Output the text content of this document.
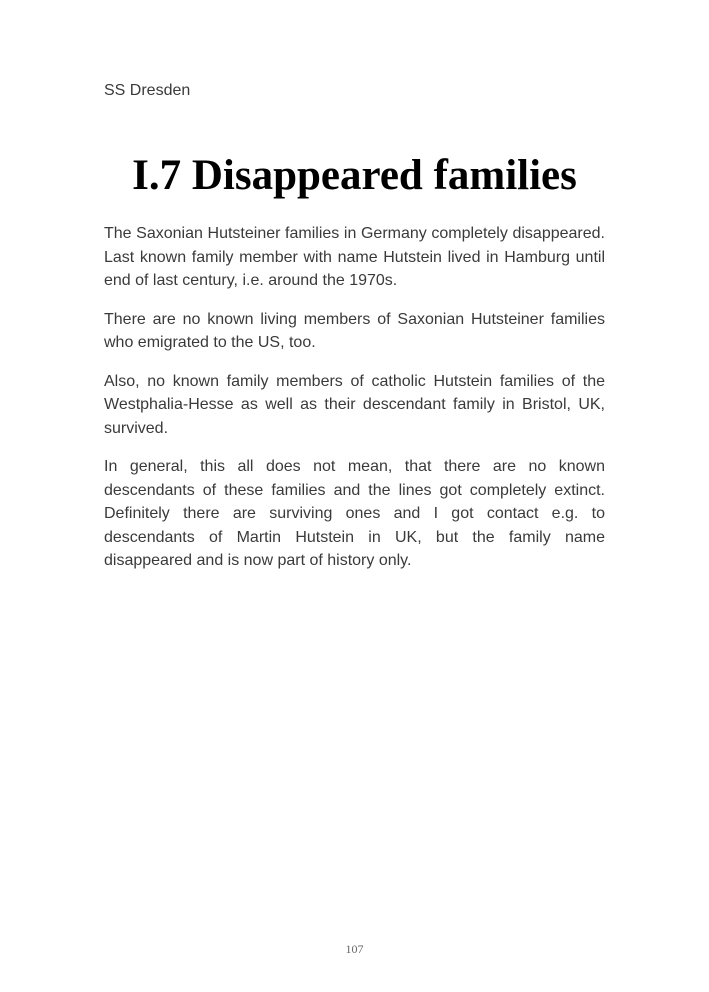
SS Dresden
I.7 Disappeared families

The Saxonian Hutsteiner families in Germany completely disappeared. Last known family member with name Hutstein lived in Hamburg until end of last century, i.e. around the 1970s.

There are no known living members of Saxonian Hutsteiner families who emigrated to the US, too.

Also, no known family members of catholic Hutstein families of the Westphalia-Hesse as well as their descendant family in Bristol, UK, survived.

In general, this all does not mean, that there are no known descendants of these families and the lines got completely extinct. Definitely there are surviving ones and I got contact e.g. to descendants of Martin Hutstein in UK, but the family name disappeared and is now part of history only.

107
